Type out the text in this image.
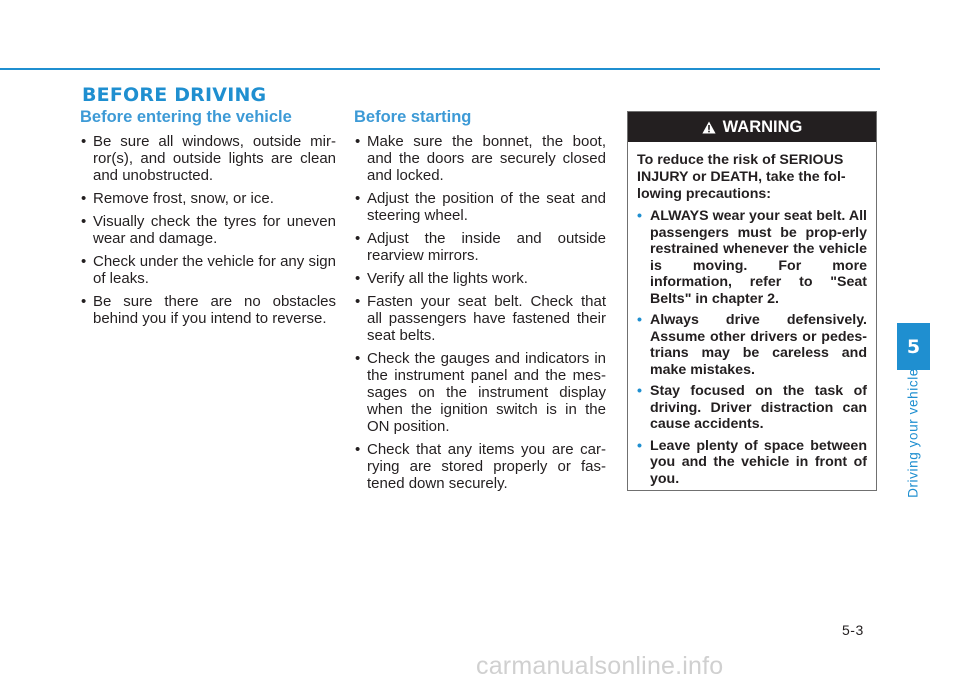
BEFORE DRIVING
Before entering the vehicle
• Be sure all windows, outside mir-ror(s), and outside lights are clean and unobstructed.
• Remove frost, snow, or ice.
• Visually check the tyres for uneven wear and damage.
• Check under the vehicle for any sign of leaks.
• Be sure there are no obstacles behind you if you intend to reverse.
Before starting
• Make sure the bonnet, the boot, and the doors are securely closed and locked.
• Adjust the position of the seat and steering wheel.
• Adjust the inside and outside rearview mirrors.
• Verify all the lights work.
• Fasten your seat belt. Check that all passengers have fastened their seat belts.
• Check the gauges and indicators in the instrument panel and the mes-sages on the instrument display when the ignition switch is in the ON position.
• Check that any items you are car-rying are stored properly or fas-tened down securely.
WARNING

To reduce the risk of SERIOUS INJURY or DEATH, take the fol-lowing precautions:

• ALWAYS wear your seat belt. All passengers must be prop-erly restrained whenever the vehicle is moving. For more information, refer to "Seat Belts" in chapter 2.
• Always drive defensively. Assume other drivers or pedes-trians may be careless and make mistakes.
• Stay focused on the task of driving. Driver distraction can cause accidents.
• Leave plenty of space between you and the vehicle in front of you.
5
Driving your vehicle
5-3
carmanualsonline.info
